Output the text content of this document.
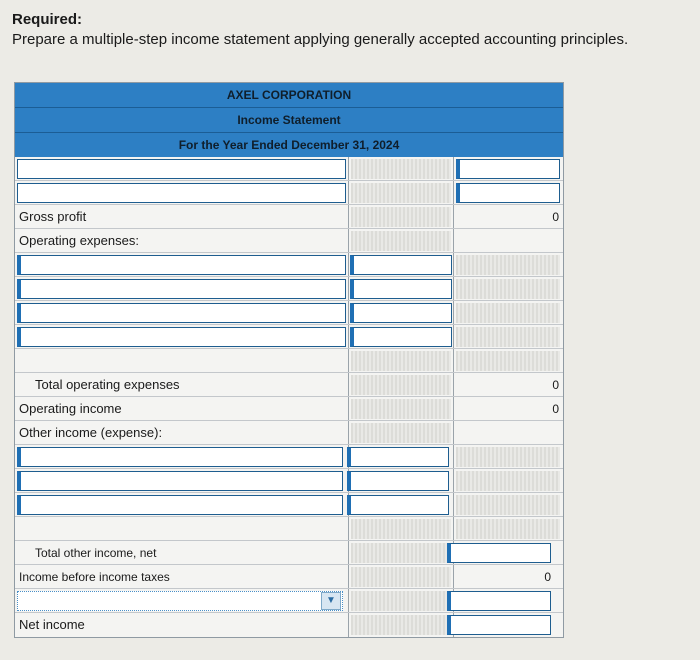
Required:
Prepare a multiple-step income statement applying generally accepted accounting principles.
AXEL CORPORATION
Income Statement
For the Year Ended December 31, 2024
Gross profit	0
Operating expenses:
Total operating expenses	0
Operating income	0
Other income (expense):
Total other income, net
Income before income taxes	0
▼
Net income
